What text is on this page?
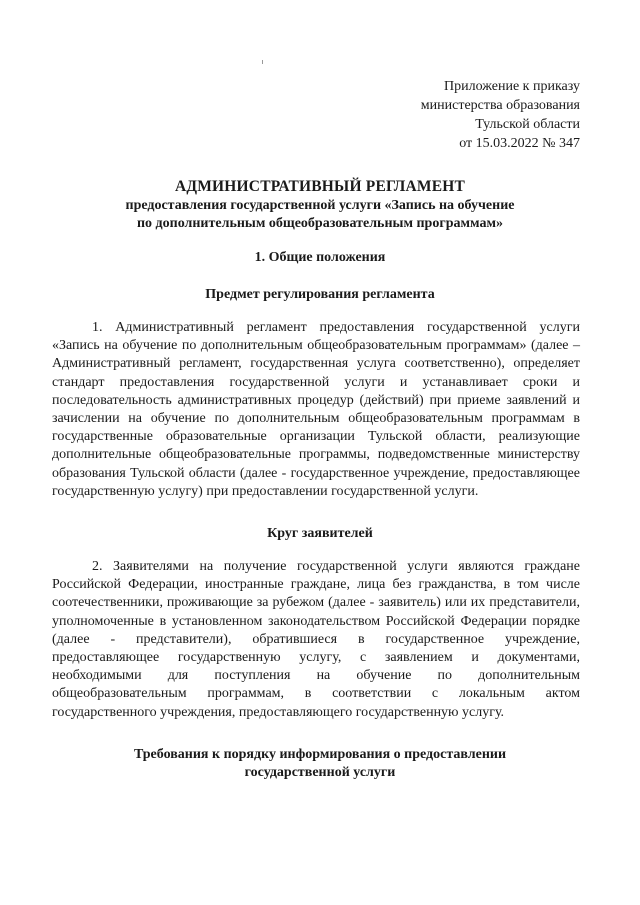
Приложение к приказу
министерства образования
Тульской области
от 15.03.2022 № 347
АДМИНИСТРАТИВНЫЙ РЕГЛАМЕНТ
предоставления государственной услуги «Запись на обучение
по дополнительным общеобразовательным программам»
1. Общие положения
Предмет регулирования регламента
1. Административный регламент предоставления государственной услуги «Запись на обучение по дополнительным общеобразовательным программам» (далее – Административный регламент, государственная услуга соответственно), определяет стандарт предоставления государственной услуги и устанавливает сроки и последовательность административных процедур (действий) при приеме заявлений и зачислении на обучение по дополнительным общеобразовательным программам в государственные образовательные организации Тульской области, реализующие дополнительные общеобразовательные программы, подведомственные министерству образования Тульской области (далее - государственное учреждение, предоставляющее государственную услугу) при предоставлении государственной услуги.
Круг заявителей
2. Заявителями на получение государственной услуги являются граждане Российской Федерации, иностранные граждане, лица без гражданства, в том числе соотечественники, проживающие за рубежом (далее - заявитель) или их представители, уполномоченные в установленном законодательством Российской Федерации порядке (далее - представители), обратившиеся в государственное учреждение, предоставляющее государственную услугу, с заявлением и документами, необходимыми для поступления на обучение по дополнительным общеобразовательным программам, в соответствии с локальным актом государственного учреждения, предоставляющего государственную услугу.
Требования к порядку информирования о предоставлении
государственной услуги
